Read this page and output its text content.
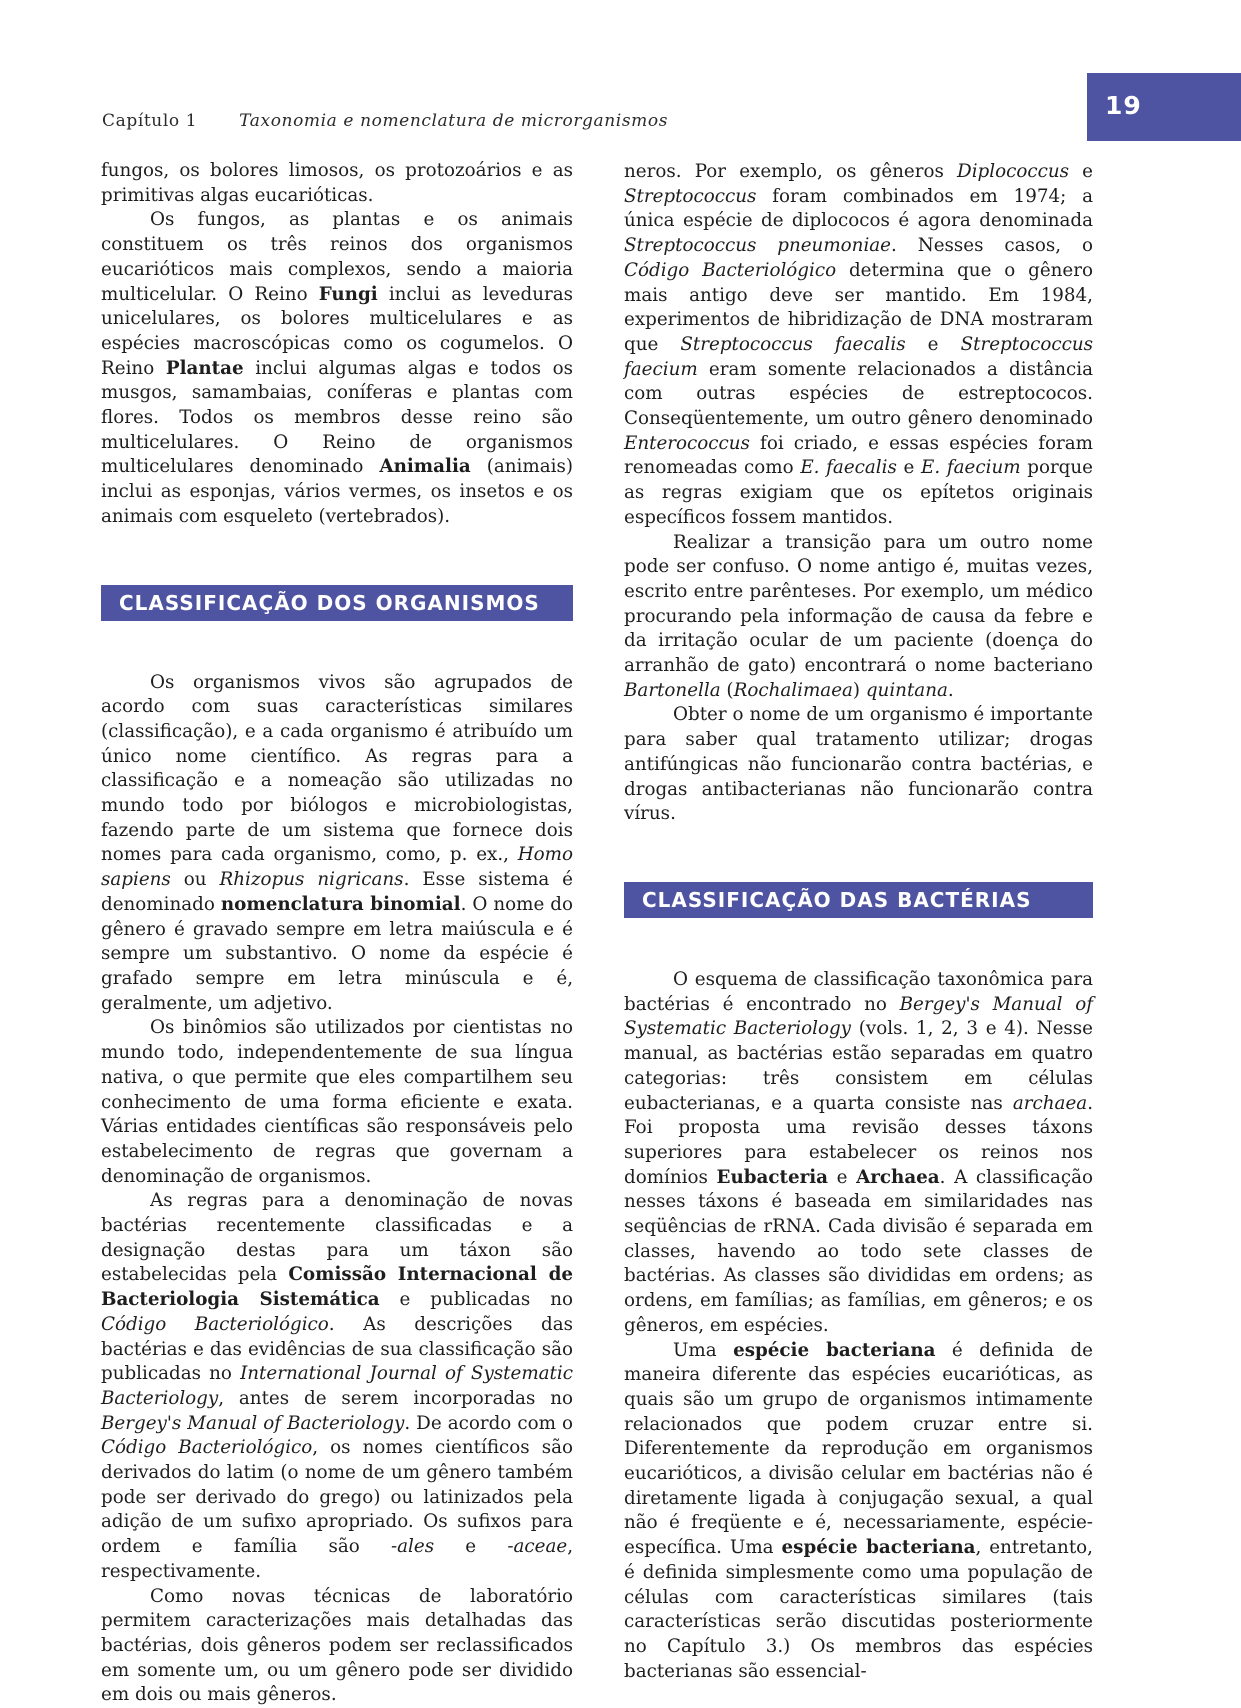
Capítulo 1 Taxonomia e nomenclatura de microrganismos
19

fungos, os bolores limosos, os protozoários e as primitivas algas eucarióticas.

Os fungos, as plantas e os animais constituem os três reinos dos organismos eucarióticos mais complexos, sendo a maioria multicelular. O Reino Fungi inclui as leveduras unicelulares, os bolores multicelulares e as espécies macroscópicas como os cogumelos. O Reino Plantae inclui algumas algas e todos os musgos, samambaias, coníferas e plantas com flores. Todos os membros desse reino são multicelulares. O Reino de organismos multicelulares denominado Animalia (animais) inclui as esponjas, vários vermes, os insetos e os animais com esqueleto (vertebrados).

CLASSIFICAÇÃO DOS ORGANISMOS

Os organismos vivos são agrupados de acordo com suas características similares (classificação), e a cada organismo é atribuído um único nome científico. As regras para a classificação e a nomeação são utilizadas no mundo todo por biólogos e microbiologistas, fazendo parte de um sistema que fornece dois nomes para cada organismo, como, p. ex., Homo sapiens ou Rhizopus nigricans. Esse sistema é denominado nomenclatura binomial. O nome do gênero é gravado sempre em letra maiúscula e é sempre um substantivo. O nome da espécie é grafado sempre em letra minúscula e é, geralmente, um adjetivo.

Os binômios são utilizados por cientistas no mundo todo, independentemente de sua língua nativa, o que permite que eles compartilhem seu conhecimento de uma forma eficiente e exata. Várias entidades científicas são responsáveis pelo estabelecimento de regras que governam a denominação de organismos.

As regras para a denominação de novas bactérias recentemente classificadas e a designação destas para um táxon são estabelecidas pela Comissão Internacional de Bacteriologia Sistemática e publicadas no Código Bacteriológico. As descrições das bactérias e das evidências de sua classificação são publicadas no International Journal of Systematic Bacteriology, antes de serem incorporadas no Bergey's Manual of Bacteriology. De acordo com o Código Bacteriológico, os nomes científicos são derivados do latim (o nome de um gênero também pode ser derivado do grego) ou latinizados pela adição de um sufixo apropriado. Os sufixos para ordem e família são -ales e -aceae, respectivamente.

Como novas técnicas de laboratório permitem caracterizações mais detalhadas das bactérias, dois gêneros podem ser reclassificados em somente um, ou um gênero pode ser dividido em dois ou mais gêneros.

neros. Por exemplo, os gêneros Diplococcus e Streptococcus foram combinados em 1974; a única espécie de diplococos é agora denominada Streptococcus pneumoniae. Nesses casos, o Código Bacteriológico determina que o gênero mais antigo deve ser mantido. Em 1984, experimentos de hibridização de DNA mostraram que Streptococcus faecalis e Streptococcus faecium eram somente relacionados a distância com outras espécies de estreptococos. Conseqüentemente, um outro gênero denominado Enterococcus foi criado, e essas espécies foram renomeadas como E. faecalis e E. faecium porque as regras exigiam que os epítetos originais específicos fossem mantidos.

Realizar a transição para um outro nome pode ser confuso. O nome antigo é, muitas vezes, escrito entre parênteses. Por exemplo, um médico procurando pela informação de causa da febre e da irritação ocular de um paciente (doença do arranhão de gato) encontrará o nome bacteriano Bartonella (Rochalimaea) quintana.

Obter o nome de um organismo é importante para saber qual tratamento utilizar; drogas antifúngicas não funcionarão contra bactérias, e drogas antibacterianas não funcionarão contra vírus.

CLASSIFICAÇÃO DAS BACTÉRIAS

O esquema de classificação taxonômica para bactérias é encontrado no Bergey's Manual of Systematic Bacteriology (vols. 1, 2, 3 e 4). Nesse manual, as bactérias estão separadas em quatro categorias: três consistem em células eubacterianas, e a quarta consiste nas archaea. Foi proposta uma revisão desses táxons superiores para estabelecer os reinos nos domínios Eubacteria e Archaea. A classificação nesses táxons é baseada em similaridades nas seqüências de rRNA. Cada divisão é separada em classes, havendo ao todo sete classes de bactérias. As classes são divididas em ordens; as ordens, em famílias; as famílias, em gêneros; e os gêneros, em espécies.

Uma espécie bacteriana é definida de maneira diferente das espécies eucarióticas, as quais são um grupo de organismos intimamente relacionados que podem cruzar entre si. Diferentemente da reprodução em organismos eucarióticos, a divisão celular em bactérias não é diretamente ligada à conjugação sexual, a qual não é freqüente e é, necessariamente, espécie-específica. Uma espécie bacteriana, entretanto, é definida simplesmente como uma população de células com características similares (tais características serão discutidas posteriormente no Capítulo 3.) Os membros das espécies bacterianas são essencial-
